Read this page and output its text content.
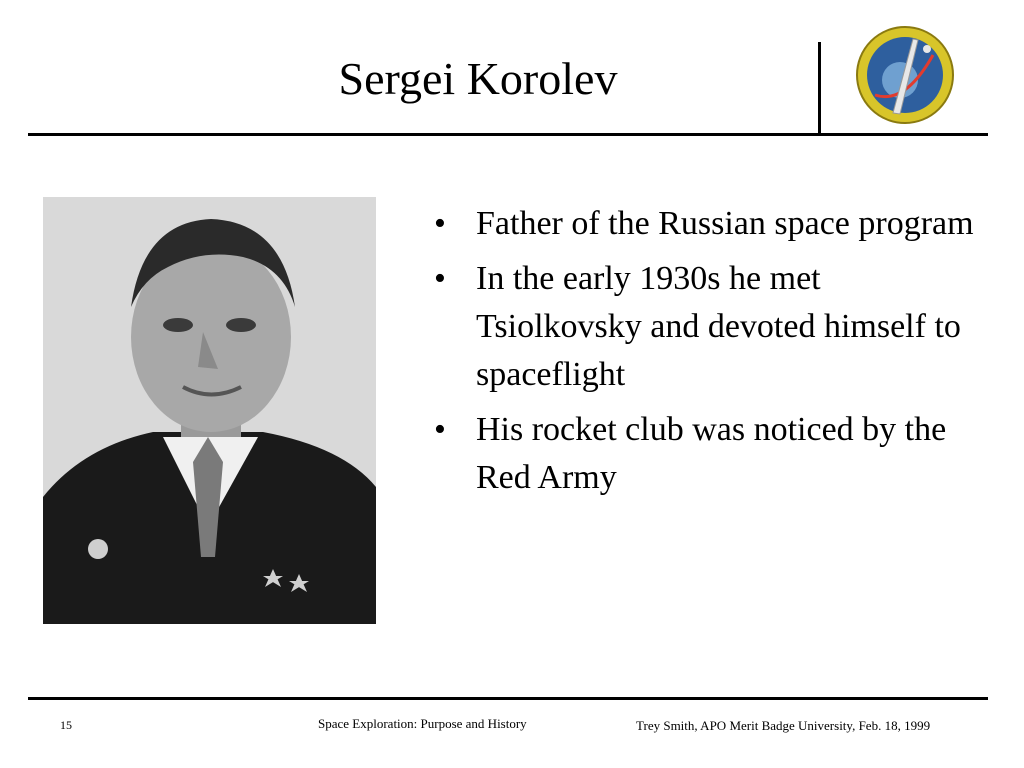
Sergei Korolev
• Father of the Russian space program
• In the early 1930s he met Tsiolkovsky and devoted himself to spaceflight
• His rocket club was noticed by the Red Army
15	Space Exploration: Purpose and History	Trey Smith, APO Merit Badge University, Feb. 18, 1999
